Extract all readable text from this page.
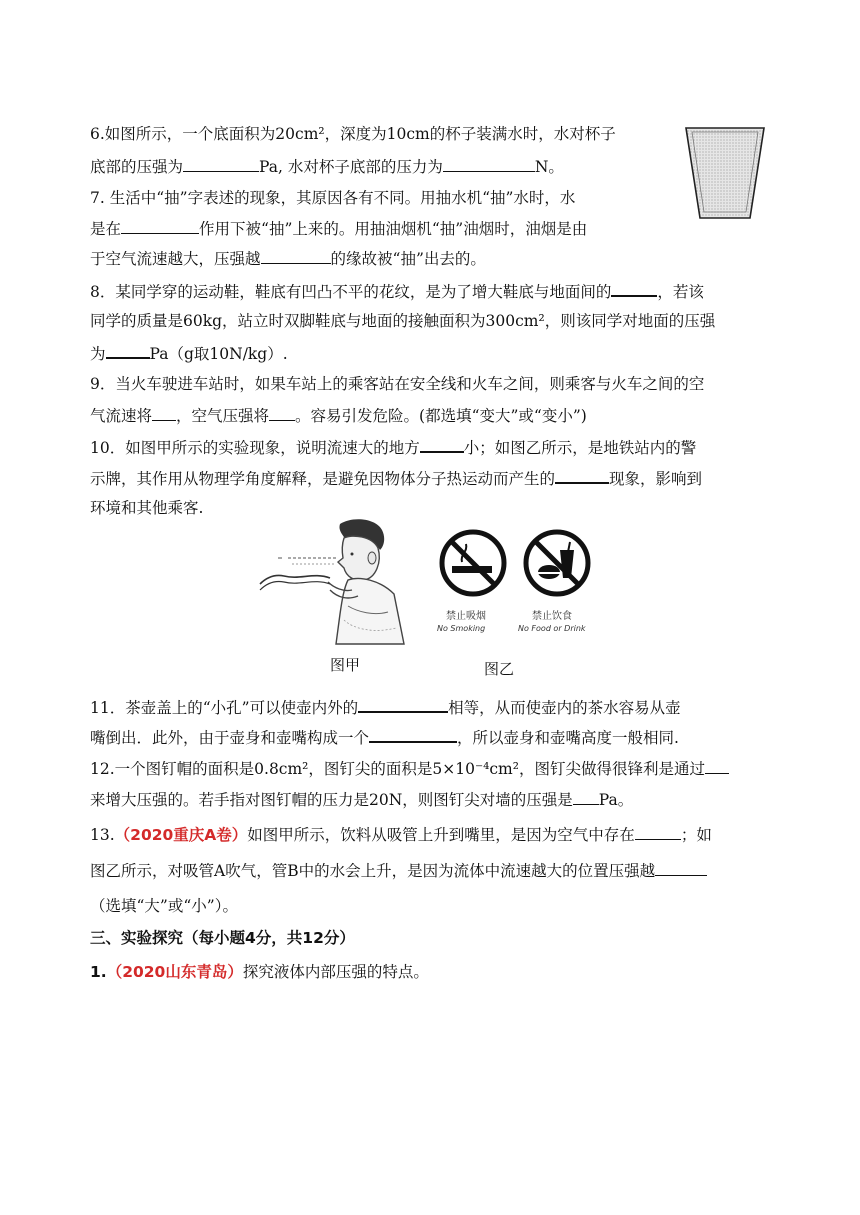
6.如图所示，一个底面积为20cm²，深度为10cm的杯子装满水时，水对杯子
底部的压强为	Pa, 水对杯子底部的压力为	N。
7. 生活中“抽”字表述的现象，其原因各有不同。用抽水机“抽”水时，水
是在	作用下被“抽”上来的。用抽油烟机“抽”油烟时，油烟是由
于空气流速越大，压强越	的缘故被“抽”出去的。
8．某同学穿的运动鞋，鞋底有凹凸不平的花纹，是为了增大鞋底与地面间的	，若该
同学的质量是60kg，站立时双脚鞋底与地面的接触面积为300cm²，则该同学对地面的压强
为	Pa（g取10N/kg）.
9．当火车驶进车站时，如果车站上的乘客站在安全线和火车之间，则乘客与火车之间的空
气流速将 ，空气压强将 。容易引发危险。(都选填“变大”或“变小”)
10．如图甲所示的实验现象，说明流速大的地方	小；如图乙所示，是地铁站内的警
示牌，其作用从物理学角度解释，是避免因物体分子热运动而产生的	现象，影响到
环境和其他乘客.
禁止吸烟
No Smoking
禁止饮食
No Food or Drink
图甲	图乙
11．茶壶盖上的“小孔”可以使壶内外的	相等，从而使壶内的茶水容易从壶
嘴倒出．此外，由于壶身和壶嘴构成一个	，所以壶身和壶嘴高度一般相同.
12.一个图钉帽的面积是0.8cm²，图钉尖的面积是5×10⁻⁴cm²，图钉尖做得很锋利是通过
来增大压强的。若手指对图钉帽的压力是20N，则图钉尖对墙的压强是 Pa。
13.（2020重庆A卷）如图甲所示，饮料从吸管上升到嘴里，是因为空气中存在	；如
图乙所示，对吸管A吹气，管B中的水会上升，是因为流体中流速越大的位置压强越
（选填“大”或“小”）。
三、实验探究（每小题4分，共12分）
1.（2020山东青岛）探究液体内部压强的特点。
